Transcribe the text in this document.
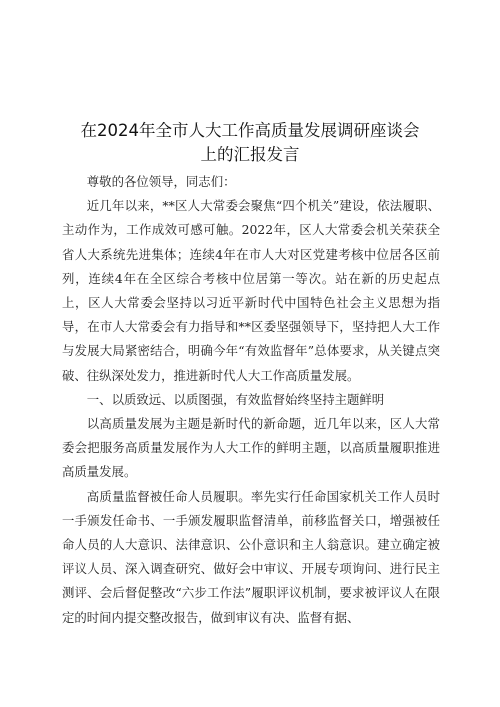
在2024年全市人大工作高质量发展调研座谈会
上的汇报发言

尊敬的各位领导，同志们：

近几年以来，**区人大常委会聚焦“四个机关”建设，依法履职、主动作为，工作成效可感可触。2022年，区人大常委会机关荣获全省人大系统先进集体；连续4年在市人大对区党建考核中位居各区前列，连续4年在全区综合考核中位居第一等次。站在新的历史起点上，区人大常委会坚持以习近平新时代中国特色社会主义思想为指导，在市人大常委会有力指导和**区委坚强领导下，坚持把人大工作与发展大局紧密结合，明确今年“有效监督年”总体要求，从关键点突破、往纵深处发力，推进新时代人大工作高质量发展。

一、以质致远、以质图强，有效监督始终坚持主题鲜明

以高质量发展为主题是新时代的新命题，近几年以来，区人大常委会把服务高质量发展作为人大工作的鲜明主题，以高质量履职推进高质量发展。

高质量监督被任命人员履职。率先实行任命国家机关工作人员时一手颁发任命书、一手颁发履职监督清单，前移监督关口，增强被任命人员的人大意识、法律意识、公仆意识和主人翁意识。建立确定被评议人员、深入调查研究、做好会中审议、开展专项询问、进行民主测评、会后督促整改“六步工作法”履职评议机制，要求被评议人在限定的时间内提交整改报告，做到审议有决、监督有据、
